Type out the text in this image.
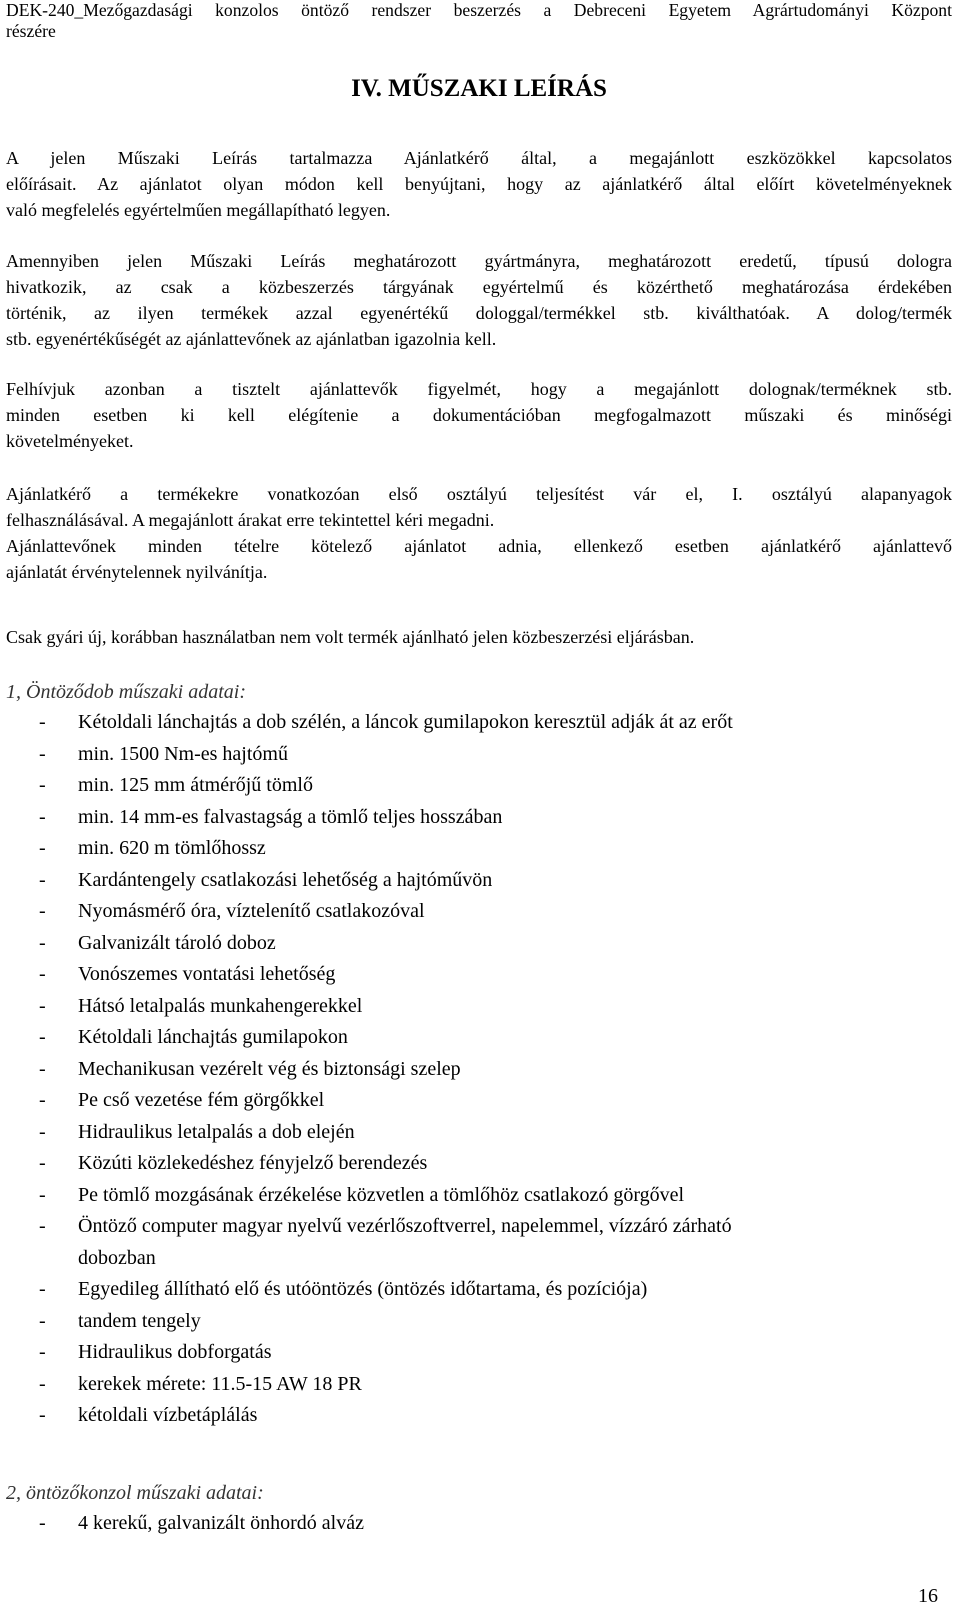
DEK-240_Mezőgazdasági konzolos öntöző rendszer beszerzés a Debreceni Egyetem Agrártudományi Központ
részére
IV. MŰSZAKI LEÍRÁS
A jelen Műszaki Leírás tartalmazza Ajánlatkérő által, a megajánlott eszközökkel kapcsolatos
előírásait. Az ajánlatot olyan módon kell benyújtani, hogy az ajánlatkérő által előírt követelményeknek
való megfelelés egyértelműen megállapítható legyen.
Amennyiben jelen Műszaki Leírás meghatározott gyártmányra, meghatározott eredetű, típusú dologra
hivatkozik, az csak a közbeszerzés tárgyának egyértelmű és közérthető meghatározása érdekében
történik, az ilyen termékek azzal egyenértékű dologgal/termékkel stb. kiválthatóak. A dolog/termék
stb. egyenértékűségét az ajánlattevőnek az ajánlatban igazolnia kell.
Felhívjuk azonban a tisztelt ajánlattevők figyelmét, hogy a megajánlott dolognak/terméknek stb.
minden esetben ki kell elégítenie a dokumentációban megfogalmazott műszaki és minőségi
követelményeket.
Ajánlatkérő a termékekre vonatkozóan első osztályú teljesítést vár el, I. osztályú alapanyagok
felhasználásával. A megajánlott árakat erre tekintettel kéri megadni.
Ajánlattevőnek minden tételre kötelező ajánlatot adnia, ellenkező esetben ajánlatkérő ajánlattevő
ajánlatát érvénytelennek nyilvánítja.
Csak gyári új, korábban használatban nem volt termék ajánlható jelen közbeszerzési eljárásban.
1, Öntöződob műszaki adatai:
- Kétoldali lánchajtás a dob szélén, a láncok gumilapokon keresztül adják át az erőt
- min. 1500 Nm-es hajtómű
- min. 125 mm átmérőjű tömlő
- min. 14 mm-es falvastagság a tömlő teljes hosszában
- min. 620 m tömlőhossz
- Kardántengely csatlakozási lehetőség a hajtóművön
- Nyomásmérő óra, víztelenítő csatlakozóval
- Galvanizált tároló doboz
- Vonószemes vontatási lehetőség
- Hátsó letalpalás munkahengerekkel
- Kétoldali lánchajtás gumilapokon
- Mechanikusan vezérelt vég és biztonsági szelep
- Pe cső vezetése fém görgőkkel
- Hidraulikus letalpalás a dob elején
- Közúti közlekedéshez fényjelző berendezés
- Pe tömlő mozgásának érzékelése közvetlen a tömlőhöz csatlakozó görgővel
- Öntöző computer magyar nyelvű vezérlőszoftverrel, napelemmel, vízzáró zárható
dobozban
- Egyedileg állítható elő és utóöntözés (öntözés időtartama, és pozíciója)
- tandem tengely
- Hidraulikus dobforgatás
- kerekek mérete: 11.5-15 AW 18 PR
- kétoldali vízbetáplálás
2, öntözőkonzol műszaki adatai:
- 4 kerekű, galvanizált önhordó alváz
16
